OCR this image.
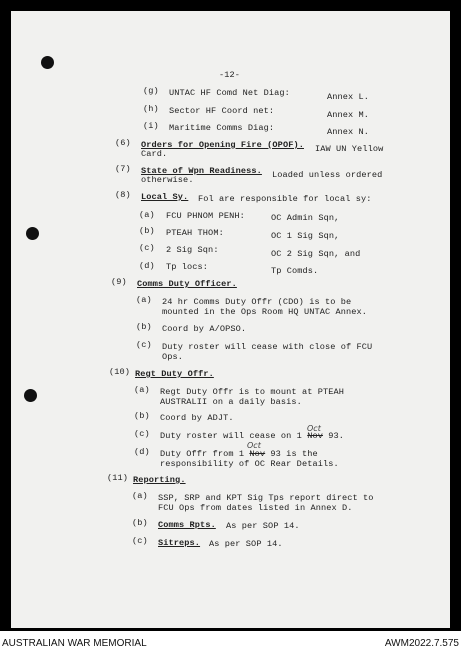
-12-
(g) UNTAC HF Comd Net Diag:	Annex L.
(h) Sector HF Coord net:	Annex M.
(i) Maritime Comms Diag:	Annex N.
(6) Orders for Opening Fire (OPOF). IAW UN Yellow
Card.
(7) State of Wpn Readiness. Loaded unless ordered
otherwise.
(8) Local Sy. Fol are responsible for local sy:
(a) FCU PHNOM PENH:	OC Admin Sqn,
(b) PTEAH THOM:	OC 1 Sig Sqn,
(c) 2 Sig Sqn:	OC 2 Sig Sqn, and
(d) Tp locs:	Tp Comds.
(9) Comms Duty Officer.
(a) 24 hr Comms Duty Offr (CDO) is to be
mounted in the Ops Room HQ UNTAC Annex.
(b) Coord by A/OPSO.
(c) Duty roster will cease with close of FCU
Ops.
(10) Regt Duty Offr.
(a) Regt Duty Offr is to mount at PTEAH
AUSTRALII on a daily basis.
(b) Coord by ADJT.
Oct
(c) Duty roster will cease on 1 Nov 93.
Oct
(d) Duty Offr from 1 Nov 93 is the
responsibility of OC Rear Details.
(11) Reporting.
(a) SSP, SRP and KPT Sig Tps report direct to
FCU Ops from dates listed in Annex D.
(b) Comms Rpts. As per SOP 14.
(c) Sitreps. As per SOP 14.
AUSTRALIAN WAR MEMORIAL	AWM2022.7.575
